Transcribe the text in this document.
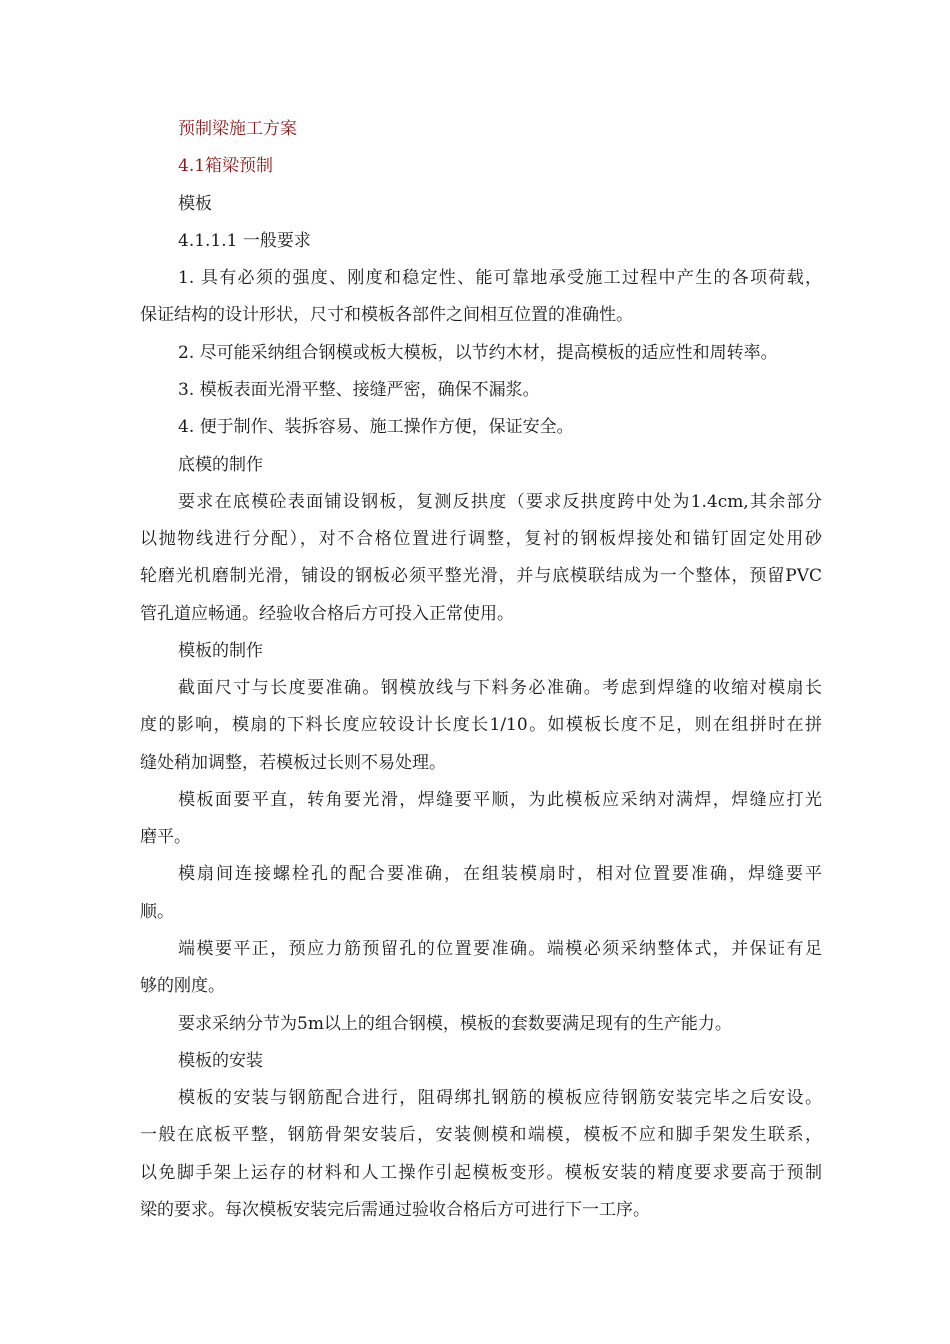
预制梁施工方案
4.1箱梁预制
模板
4.1.1.1 一般要求
1. 具有必须的强度、刚度和稳定性、能可靠地承受施工过程中产生的各项荷载，
保证结构的设计形状，尺寸和模板各部件之间相互位置的准确性。
2. 尽可能采纳组合钢模或板大模板，以节约木材，提高模板的适应性和周转率。
3. 模板表面光滑平整、接缝严密，确保不漏浆。
4. 便于制作、装拆容易、施工操作方便，保证安全。
底模的制作
要求在底模砼表面铺设钢板，复测反拱度（要求反拱度跨中处为1.4cm,其余部分
以抛物线进行分配），对不合格位置进行调整，复衬的钢板焊接处和锚钉固定处用砂
轮磨光机磨制光滑，铺设的钢板必须平整光滑，并与底模联结成为一个整体，预留PVC
管孔道应畅通。经验收合格后方可投入正常使用。
模板的制作
截面尺寸与长度要准确。钢模放线与下料务必准确。考虑到焊缝的收缩对模扇长
度的影响，模扇的下料长度应较设计长度长1/10。如模板长度不足，则在组拼时在拼
缝处稍加调整，若模板过长则不易处理。
模板面要平直，转角要光滑，焊缝要平顺，为此模板应采纳对满焊，焊缝应打光
磨平。
模扇间连接螺栓孔的配合要准确，在组装模扇时，相对位置要准确，焊缝要平
顺。
端模要平正，预应力筋预留孔的位置要准确。端模必须采纳整体式，并保证有足
够的刚度。
要求采纳分节为5m以上的组合钢模，模板的套数要满足现有的生产能力。
模板的安装
模板的安装与钢筋配合进行，阻碍绑扎钢筋的模板应待钢筋安装完毕之后安设。
一般在底板平整，钢筋骨架安装后，安装侧模和端模，模板不应和脚手架发生联系，
以免脚手架上运存的材料和人工操作引起模板变形。模板安装的精度要求要高于预制
梁的要求。每次模板安装完后需通过验收合格后方可进行下一工序。
